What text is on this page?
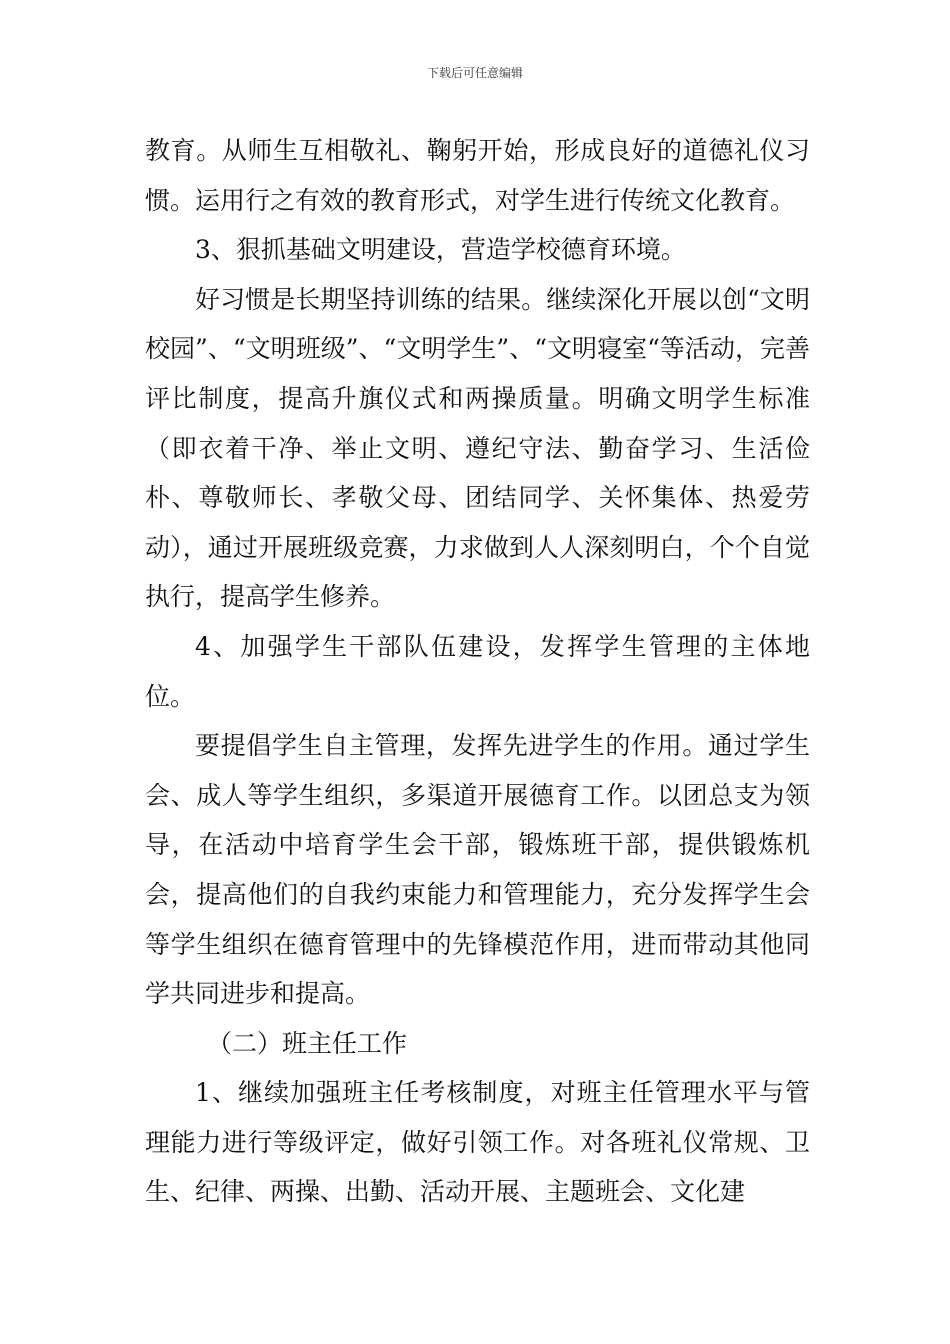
下载后可任意编辑

教育。从师生互相敬礼、鞠躬开始，形成良好的道德礼仪习惯。运用行之有效的教育形式，对学生进行传统文化教育。

3、狠抓基础文明建设，营造学校德育环境。

好习惯是长期坚持训练的结果。继续深化开展以创“文明校园”、“文明班级”、“文明学生”、“文明寝室“等活动，完善评比制度，提高升旗仪式和两操质量。明确文明学生标准（即衣着干净、举止文明、遵纪守法、勤奋学习、生活俭朴、尊敬师长、孝敬父母、团结同学、关怀集体、热爱劳动），通过开展班级竞赛，力求做到人人深刻明白，个个自觉执行，提高学生修养。

4、加强学生干部队伍建设，发挥学生管理的主体地位。

要提倡学生自主管理，发挥先进学生的作用。通过学生会、成人等学生组织，多渠道开展德育工作。以团总支为领导，在活动中培育学生会干部，锻炼班干部，提供锻炼机会，提高他们的自我约束能力和管理能力，充分发挥学生会等学生组织在德育管理中的先锋模范作用，进而带动其他同学共同进步和提高。

（二）班主任工作

1、继续加强班主任考核制度，对班主任管理水平与管理能力进行等级评定，做好引领工作。对各班礼仪常规、卫生、纪律、两操、出勤、活动开展、主题班会、文化建
